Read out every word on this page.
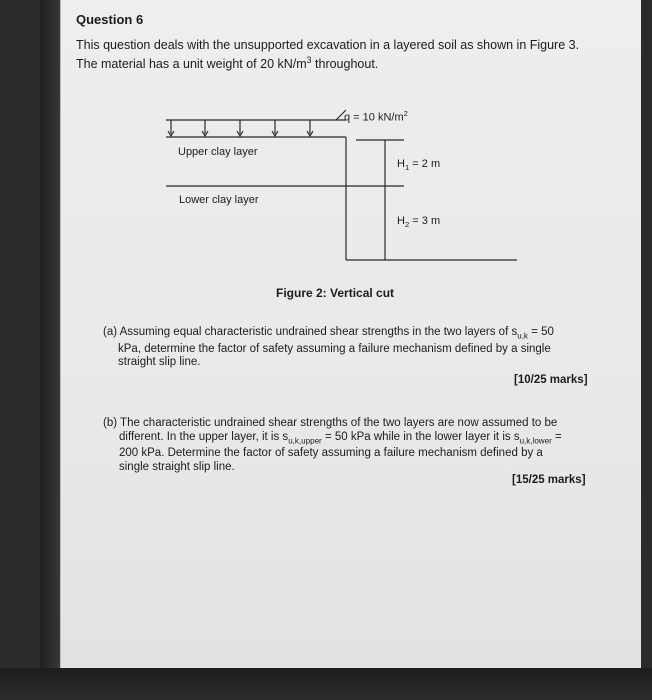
Question 6
This question deals with the unsupported excavation in a layered soil as shown in Figure 3.
The material has a unit weight of 20 $kN/m^3$ throughout.
q = 10 $kN/m^2$
Upper clay layer
Lower clay layer
$H_1 = 2$ m
$H_2 = 3$ m
Figure 2: Vertical cut
(a) Assuming equal characteristic undrained shear strengths in the two layers of $s_{u,k} = 50$
kPa, determine the factor of safety assuming a failure mechanism defined by a single
straight slip line.
[10/25 marks]
(b) The characteristic undrained shear strengths of the two layers are now assumed to be
different. In the upper layer, it is $s_{u,k,upper} = 50$ kPa while in the lower layer it is $s_{u,k,lower}$ =
200 kPa. Determine the factor of safety assuming a failure mechanism defined by a
single straight slip line.
[15/25 marks]
